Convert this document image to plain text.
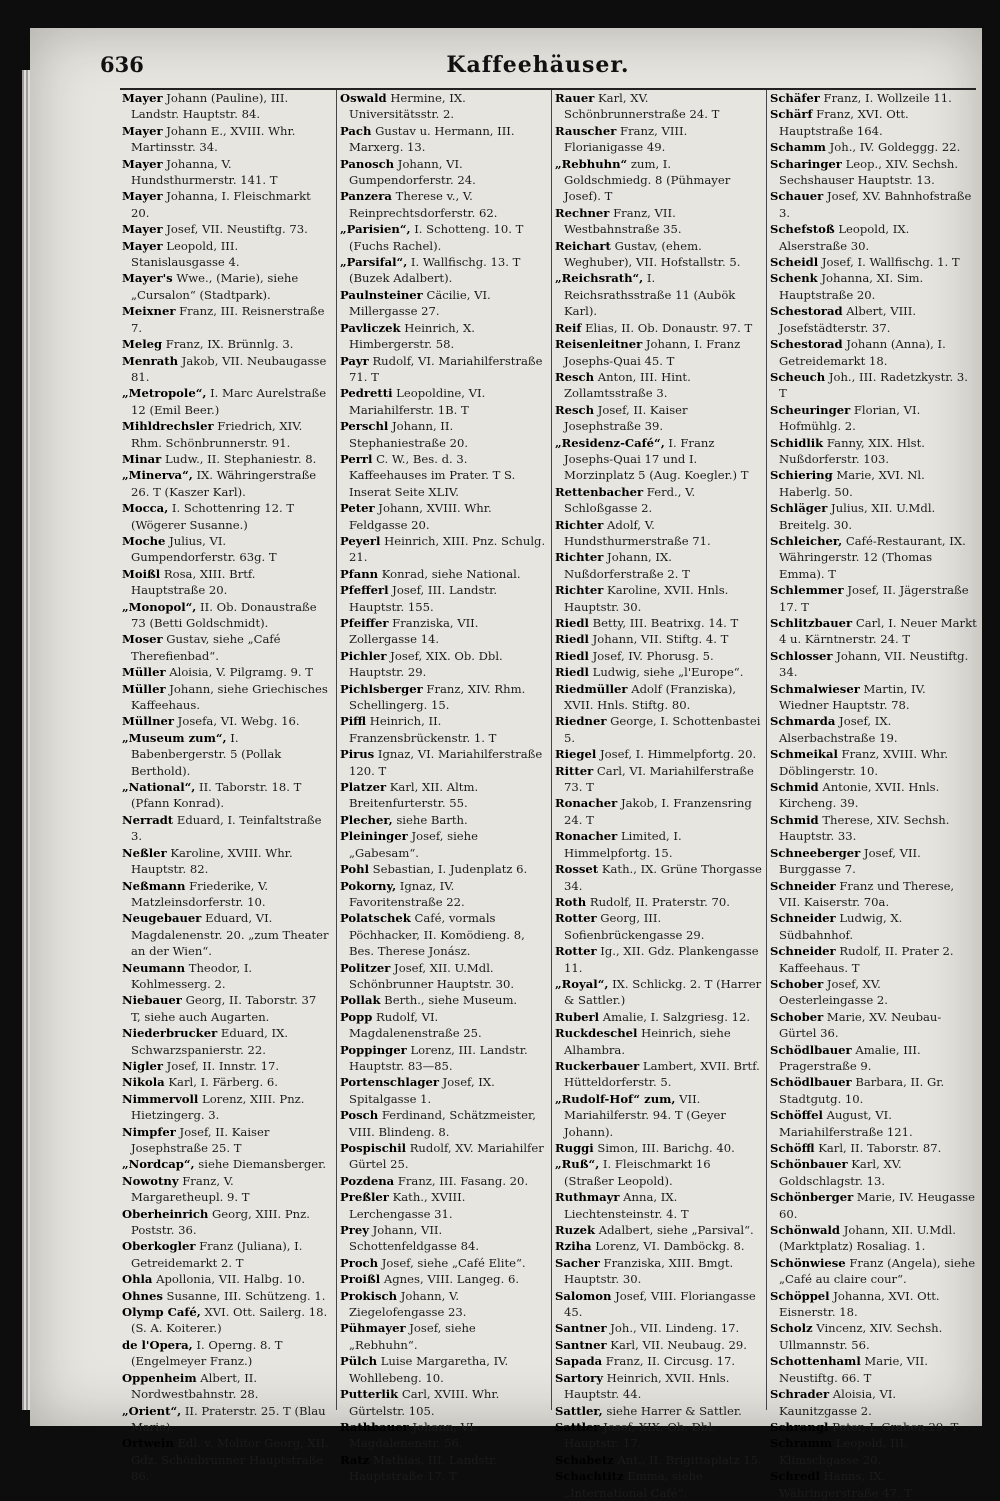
636	Kaffeehäuser.

Mayer Johann (Pauline), III. Landstr. Hauptstr. 84.

Mayer Johann E., XVIII. Whr. Martinsstr. 34.

Mayer Johanna, V. Hundsthurmerstr. 141. T

Mayer Johanna, I. Fleischmarkt 20.

Mayer Josef, VII. Neustiftg. 73.

Mayer Leopold, III. Stanislausgasse 4.

Mayer's Wwe., (Marie), siehe „Cursalon“ (Stadtpark).

Meixner Franz, III. Reisnerstraße 7.

Meleg Franz, IX. Brünnlg. 3.

Menrath Jakob, VII. Neubaugasse 81.

„Metropole“, I. Marc Aurelstraße 12 (Emil Beer.)

Mihldrechsler Friedrich, XIV. Rhm. Schönbrunnerstr. 91.

Minar Ludw., II. Stephaniestr. 8.

„Minerva“, IX. Währingerstraße 26. T (Kaszer Karl).

Mocca, I. Schottenring 12. T (Wögerer Susanne.)

Moche Julius, VI. Gumpendorferstr. 63g. T

Moißl Rosa, XIII. Brtf. Hauptstraße 20.

„Monopol“, II. Ob. Donaustraße 73 (Betti Goldschmidt).

Moser Gustav, siehe „Café Therefienbad“.

Müller Aloisia, V. Pilgramg. 9. T

Müller Johann, siehe Griechisches Kaffeehaus.

Müllner Josefa, VI. Webg. 16.

„Museum zum“, I. Babenbergerstr. 5 (Pollak Berthold).

„National“, II. Taborstr. 18. T (Pfann Konrad).

Nerradt Eduard, I. Teinfaltstraße 3.

Neßler Karoline, XVIII. Whr. Hauptstr. 82.

Neßmann Friederike, V. Matzleinsdorferstr. 10.

Neugebauer Eduard, VI. Magdalenenstr. 20. „zum Theater an der Wien“.

Neumann Theodor, I. Kohlmesserg. 2.

Niebauer Georg, II. Taborstr. 37 T, siehe auch Augarten.

Niederbrucker Eduard, IX. Schwarzspanierstr. 22.

Nigler Josef, II. Innstr. 17.

Nikola Karl, I. Färberg. 6.

Nimmervoll Lorenz, XIII. Pnz. Hietzingerg. 3.

Nimpfer Josef, II. Kaiser Josephstraße 25. T

„Nordcap“, siehe Diemansberger.

Nowotny Franz, V. Margaretheupl. 9. T

Oberheinrich Georg, XIII. Pnz. Poststr. 36.

Oberkogler Franz (Juliana), I. Getreidemarkt 2. T

Ohla Apollonia, VII. Halbg. 10.

Ohnes Susanne, III. Schützeng. 1.

Olymp Café, XVI. Ott. Sailerg. 18. (S. A. Koiterer.)

de l'Opera, I. Operng. 8. T (Engelmeyer Franz.)

Oppenheim Albert, II. Nordwestbahnstr. 28.

„Orient“, II. Praterstr. 25. T (Blau Marie).

Ortwein Edl. v. Molitor Georg, XII. Gdz. Schönbrunner Hauptstraße 86.

Oswald Hermine, IX. Universitätsstr. 2.

Pach Gustav u. Hermann, III. Marxerg. 13.

Panosch Johann, VI. Gumpendorferstr. 24.

Panzera Therese v., V. Reinprechtsdorferstr. 62.

„Parisien“, I. Schotteng. 10. T (Fuchs Rachel).

„Parsifal“, I. Wallfischg. 13. T (Buzek Adalbert).

Paulnsteiner Cäcilie, VI. Millergasse 27.

Pavliczek Heinrich, X. Himbergerstr. 58.

Payr Rudolf, VI. Mariahilferstraße 71. T

Pedretti Leopoldine, VI. Mariahilferstr. 1B. T

Perschl Johann, II. Stephaniestraße 20.

Perrl C. W., Bes. d. 3. Kaffeehauses im Prater. T S. Inserat Seite XLIV.

Peter Johann, XVIII. Whr. Feldgasse 20.

Peyerl Heinrich, XIII. Pnz. Schulg. 21.

Pfann Konrad, siehe National.

Pfefferl Josef, III. Landstr. Hauptstr. 155.

Pfeiffer Franziska, VII. Zollergasse 14.

Pichler Josef, XIX. Ob. Dbl. Hauptstr. 29.

Pichlsberger Franz, XIV. Rhm. Schellingerg. 15.

Piffl Heinrich, II. Franzensbrückenstr. 1. T

Pirus Ignaz, VI. Mariahilferstraße 120. T

Platzer Karl, XII. Altm. Breitenfurterstr. 55.

Plecher, siehe Barth.

Pleininger Josef, siehe „Gabesam“.

Pohl Sebastian, I. Judenplatz 6.

Pokorny, Ignaz, IV. Favoritenstraße 22.

Polatschek Café, vormals Pöchhacker, II. Komödieng. 8, Bes. Therese Jonász.

Politzer Josef, XII. U.Mdl. Schönbrunner Hauptstr. 30.

Pollak Berth., siehe Museum.

Popp Rudolf, VI. Magdalenenstraße 25.

Poppinger Lorenz, III. Landstr. Hauptstr. 83—85.

Portenschlager Josef, IX. Spitalgasse 1.

Posch Ferdinand, Schätzmeister, VIII. Blindeng. 8.

Pospischil Rudolf, XV. Mariahilfer Gürtel 25.

Pozdena Franz, III. Fasang. 20.

Preßler Kath., XVIII. Lerchengasse 31.

Prey Johann, VII. Schottenfeldgasse 84.

Proch Josef, siehe „Café Elite“.

Proißl Agnes, VIII. Langeg. 6.

Prokisch Johann, V. Ziegelofengasse 23.

Pühmayer Josef, siehe „Rebhuhn“.

Pülch Luise Margaretha, IV. Wohllebeng. 10.

Putterlik Carl, XVIII. Whr. Gürtelstr. 105.

Rathbauer Johann, VI. Magdalenenstr. 56.

Ratz Mathias, III. Landstr. Hauptstraße 17. T

Rauer Karl, XV. Schönbrunnerstraße 24. T

Rauscher Franz, VIII. Florianigasse 49.

„Rebhuhn“ zum, I. Goldschmiedg. 8 (Pühmayer Josef). T

Rechner Franz, VII. Westbahnstraße 35.

Reichart Gustav, (ehem. Weghuber), VII. Hofstallstr. 5.

„Reichsrath“, I. Reichsrathsstraße 11 (Aubök Karl).

Reif Elias, II. Ob. Donaustr. 97. T

Reisenleitner Johann, I. Franz Josephs-Quai 45. T

Resch Anton, III. Hint. Zollamtsstraße 3.

Resch Josef, II. Kaiser Josephstraße 39.

„Residenz-Café“, I. Franz Josephs-Quai 17 und I. Morzinplatz 5 (Aug. Koegler.) T

Rettenbacher Ferd., V. Schloßgasse 2.

Richter Adolf, V. Hundsthurmerstraße 71.

Richter Johann, IX. Nußdorferstraße 2. T

Richter Karoline, XVII. Hnls. Hauptstr. 30.

Riedl Betty, III. Beatrixg. 14. T

Riedl Johann, VII. Stiftg. 4. T

Riedl Josef, IV. Phorusg. 5.

Riedl Ludwig, siehe „l'Europe“.

Riedmüller Adolf (Franziska), XVII. Hnls. Stiftg. 80.

Riedner George, I. Schottenbastei 5.

Riegel Josef, I. Himmelpfortg. 20.

Ritter Carl, VI. Mariahilferstraße 73. T

Ronacher Jakob, I. Franzensring 24. T

Ronacher Limited, I. Himmelpfortg. 15.

Rosset Kath., IX. Grüne Thorgasse 34.

Roth Rudolf, II. Praterstr. 70.

Rotter Georg, III. Sofienbrückengasse 29.

Rotter Ig., XII. Gdz. Plankengasse 11.

„Royal“, IX. Schlickg. 2. T (Harrer & Sattler.)

Ruberl Amalie, I. Salzgriesg. 12.

Ruckdeschel Heinrich, siehe Alhambra.

Ruckerbauer Lambert, XVII. Brtf. Hütteldorferstr. 5.

„Rudolf-Hof“ zum, VII. Mariahilferstr. 94. T (Geyer Johann).

Ruggi Simon, III. Barichg. 40.

„Ruß“, I. Fleischmarkt 16 (Straßer Leopold).

Ruthmayr Anna, IX. Liechtensteinstr. 4. T

Ruzek Adalbert, siehe „Parsival“.

Rziha Lorenz, VI. Damböckg. 8.

Sacher Franziska, XIII. Bmgt. Hauptstr. 30.

Salomon Josef, VIII. Floriangasse 45.

Santner Joh., VII. Lindeng. 17.

Santner Karl, VII. Neubaug. 29.

Sapada Franz, II. Circusg. 17.

Sartory Heinrich, XVII. Hnls. Hauptstr. 44.

Sattler, siehe Harrer & Sattler.

Sattler Josef, XIX. Ob. Dbl. Hauptstr. 17.

Schabetz Ant., II. Brigittaplatz 15.

Schachtitz Emma, siehe „International Café“.

Schäfer Franz, I. Wollzeile 11.

Schärf Franz, XVI. Ott. Hauptstraße 164.

Schamm Joh., IV. Goldeggg. 22.

Scharinger Leop., XIV. Sechsh. Sechshauser Hauptstr. 13.

Schauer Josef, XV. Bahnhofstraße 3.

Schefstoß Leopold, IX. Alserstraße 30.

Scheidl Josef, I. Wallfischg. 1. T

Schenk Johanna, XI. Sim. Hauptstraße 20.

Schestorad Albert, VIII. Josefstädterstr. 37.

Schestorad Johann (Anna), I. Getreidemarkt 18.

Scheuch Joh., III. Radetzkystr. 3. T

Scheuringer Florian, VI. Hofmühlg. 2.

Schidlik Fanny, XIX. Hlst. Nußdorferstr. 103.

Schiering Marie, XVI. Nl. Haberlg. 50.

Schläger Julius, XII. U.Mdl. Breitelg. 30.

Schleicher, Café-Restaurant, IX. Währingerstr. 12 (Thomas Emma). T

Schlemmer Josef, II. Jägerstraße 17. T

Schlitzbauer Carl, I. Neuer Markt 4 u. Kärntnerstr. 24. T

Schlosser Johann, VII. Neustiftg. 34.

Schmalwieser Martin, IV. Wiedner Hauptstr. 78.

Schmarda Josef, IX. Alserbachstraße 19.

Schmeikal Franz, XVIII. Whr. Döblingerstr. 10.

Schmid Antonie, XVII. Hnls. Kircheng. 39.

Schmid Therese, XIV. Sechsh. Hauptstr. 33.

Schneeberger Josef, VII. Burggasse 7.

Schneider Franz und Therese, VII. Kaiserstr. 70a.

Schneider Ludwig, X. Südbahnhof.

Schneider Rudolf, II. Prater 2. Kaffeehaus. T

Schober Josef, XV. Oesterleingasse 2.

Schober Marie, XV. Neubau-Gürtel 36.

Schödlbauer Amalie, III. Pragerstraße 9.

Schödlbauer Barbara, II. Gr. Stadtgutg. 10.

Schöffel August, VI. Mariahilferstraße 121.

Schöffl Karl, II. Taborstr. 87.

Schönbauer Karl, XV. Goldschlagstr. 13.

Schönberger Marie, IV. Heugasse 60.

Schönwald Johann, XII. U.Mdl. (Marktplatz) Rosaliag. 1.

Schönwiese Franz (Angela), siehe „Café au claire cour“.

Schöppel Johanna, XVI. Ott. Eisnerstr. 18.

Scholz Vincenz, XIV. Sechsh. Ullmannstr. 56.

Schottenhaml Marie, VII. Neustiftg. 66. T

Schrader Aloisia, VI. Kaunitzgasse 2.

Schrangl Peter, I. Graben 29. T

Schramm Leopold, III. Klimschgasse 20.

Schredl Hanns, IX. Währingerstraße 47. T
